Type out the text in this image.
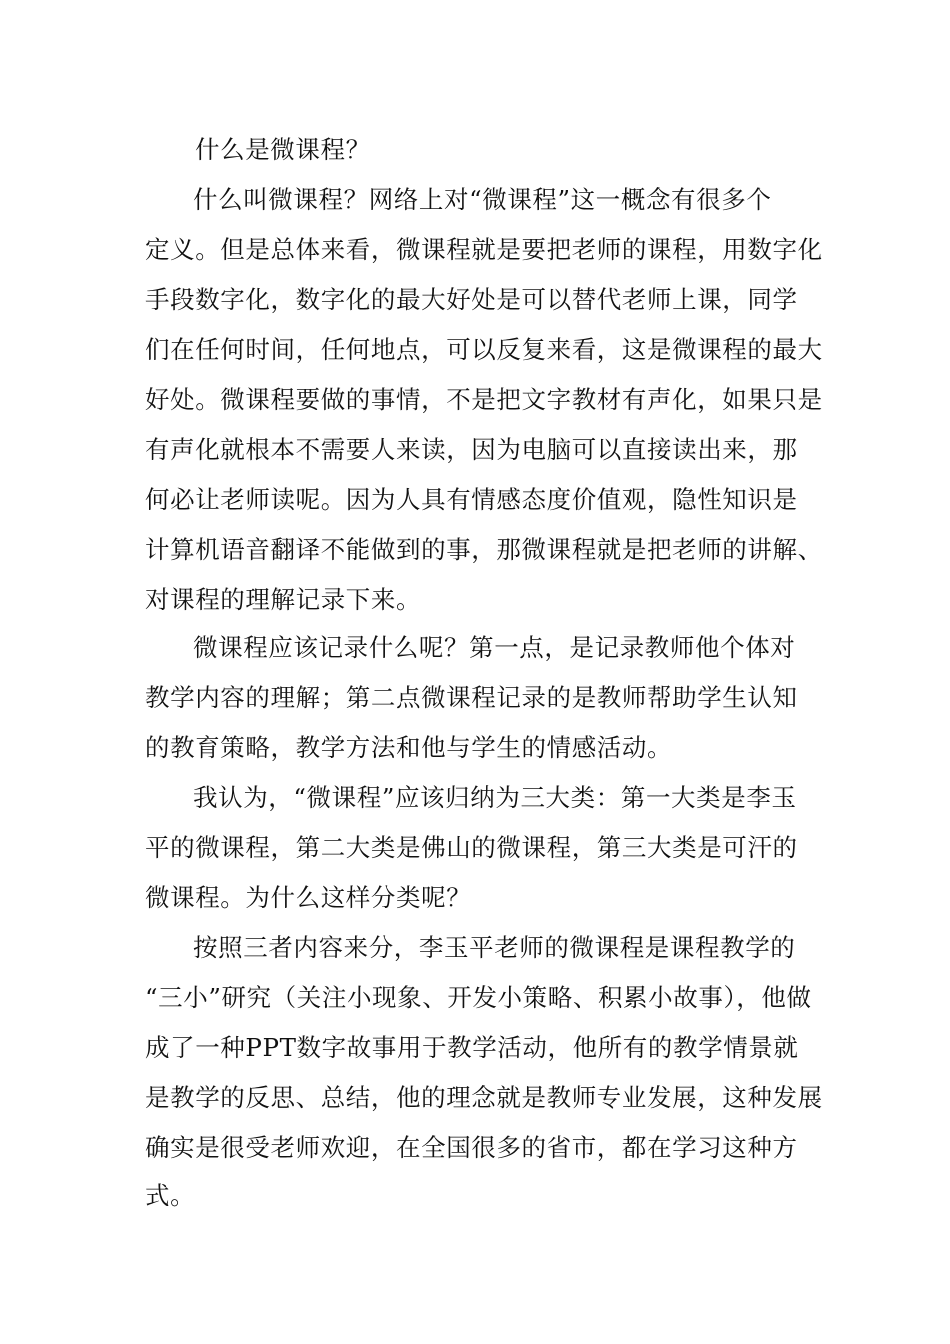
什么是微课程？
什么叫微课程？网络上对“微课程”这一概念有很多个
定义。但是总体来看，微课程就是要把老师的课程，用数字化
手段数字化，数字化的最大好处是可以替代老师上课，同学
们在任何时间，任何地点，可以反复来看，这是微课程的最大
好处。微课程要做的事情，不是把文字教材有声化，如果只是
有声化就根本不需要人来读，因为电脑可以直接读出来，那
何必让老师读呢。因为人具有情感态度价值观，隐性知识是
计算机语音翻译不能做到的事，那微课程就是把老师的讲解、
对课程的理解记录下来。
微课程应该记录什么呢？第一点，是记录教师他个体对
教学内容的理解；第二点微课程记录的是教师帮助学生认知
的教育策略，教学方法和他与学生的情感活动。
我认为，“微课程”应该归纳为三大类：第一大类是李玉
平的微课程，第二大类是佛山的微课程，第三大类是可汗的
微课程。为什么这样分类呢？
按照三者内容来分，李玉平老师的微课程是课程教学的
“三小”研究（关注小现象、开发小策略、积累小故事），他做
成了一种PPT数字故事用于教学活动，他所有的教学情景就
是教学的反思、总结，他的理念就是教师专业发展，这种发展
确实是很受老师欢迎，在全国很多的省市，都在学习这种方
式。
